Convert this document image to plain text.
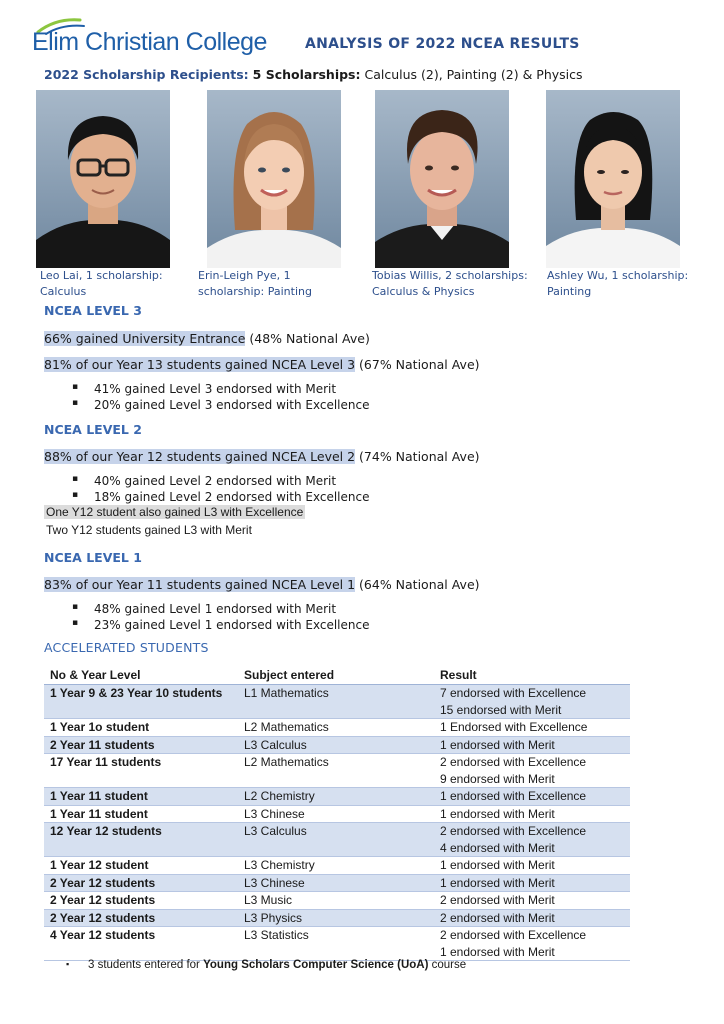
Elim Christian College	ANALYSIS OF 2022 NCEA RESULTS
2022 Scholarship Recipients: 5 Scholarships: Calculus (2), Painting (2) & Physics
Leo Lai, 1 scholarship:
Calculus
Erin-Leigh Pye, 1
scholarship: Painting
Tobias Willis, 2 scholarships:
Calculus & Physics
Ashley Wu, 1 scholarship:
Painting
NCEA LEVEL 3
66% gained University Entrance (48% National Ave)
81% of our Year 13 students gained NCEA Level 3 (67% National Ave)
▪ 41% gained Level 3 endorsed with Merit
▪ 20% gained Level 3 endorsed with Excellence
NCEA LEVEL 2
88% of our Year 12 students gained NCEA Level 2 (74% National Ave)
▪ 40% gained Level 2 endorsed with Merit
▪ 18% gained Level 2 endorsed with Excellence
One Y12 student also gained L3 with Excellence
Two Y12 students gained L3 with Merit
NCEA LEVEL 1
83% of our Year 11 students gained NCEA Level 1 (64% National Ave)
▪ 48% gained Level 1 endorsed with Merit
▪ 23% gained Level 1 endorsed with Excellence
ACCELERATED STUDENTS
No & Year Level	Subject entered	Result
1 Year 9 & 23 Year 10 students	L1 Mathematics	7 endorsed with Excellence
15 endorsed with Merit

1 Year 1o student	L2 Mathematics	1 Endorsed with Excellence

2 Year 11 students	L3 Calculus	1 endorsed with Merit

17 Year 11 students	L2 Mathematics	2 endorsed with Excellence
9 endorsed with Merit

1 Year 11 student	L2 Chemistry	1 endorsed with Excellence

1 Year 11 student	L3 Chinese	1 endorsed with Merit

12 Year 12 students	L3 Calculus	2 endorsed with Excellence
4 endorsed with Merit

1 Year 12 student	L3 Chemistry	1 endorsed with Merit

2 Year 12 students	L3 Chinese	1 endorsed with Merit

2 Year 12 students	L3 Music	2 endorsed with Merit

2 Year 12 students	L3 Physics	2 endorsed with Merit

4 Year 12 students	L3 Statistics	2 endorsed with Excellence
1 endorsed with Merit
▪ 3 students entered for Young Scholars Computer Science (UoA) course
